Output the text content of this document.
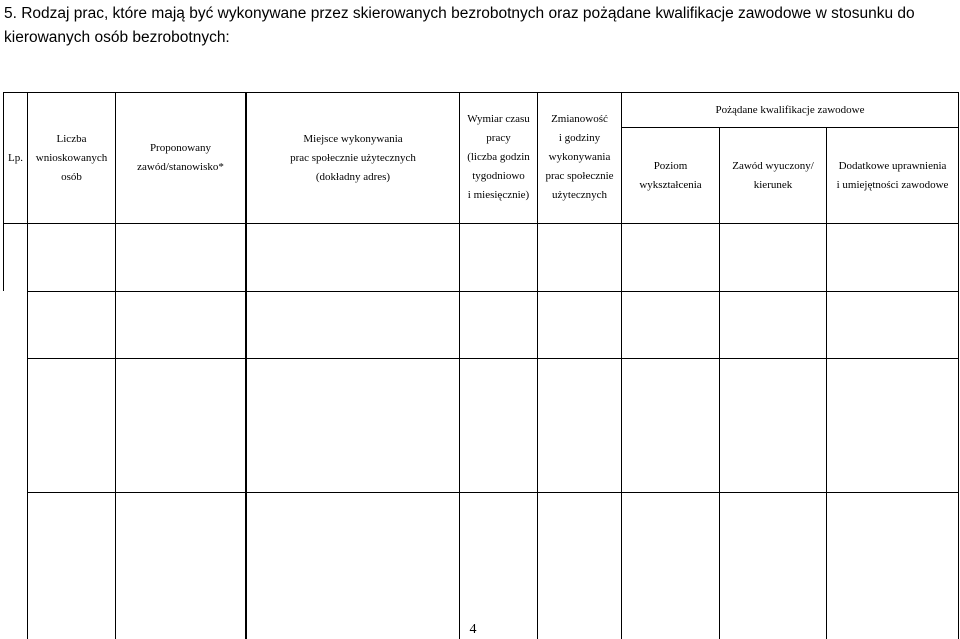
5. Rodzaj prac, które mają być wykonywane przez skierowanych bezrobotnych oraz pożądane kwalifikacje zawodowe w stosunku do
kierowanych osób bezrobotnych:
Lp.
Liczba
wnioskowanych
osób
Proponowany
zawód/stanowisko*
Miejsce wykonywania
prac społecznie użytecznych
(dokładny adres)
Wymiar czasu
pracy
(liczba godzin
tygodniowo
i miesięcznie)
Zmianowość
i godziny
wykonywania
prac społecznie
użytecznych
Pożądane kwalifikacje zawodowe
Poziom
wykształcenia
Zawód wyuczony/
kierunek
Dodatkowe uprawnienia
i umiejętności zawodowe
4
